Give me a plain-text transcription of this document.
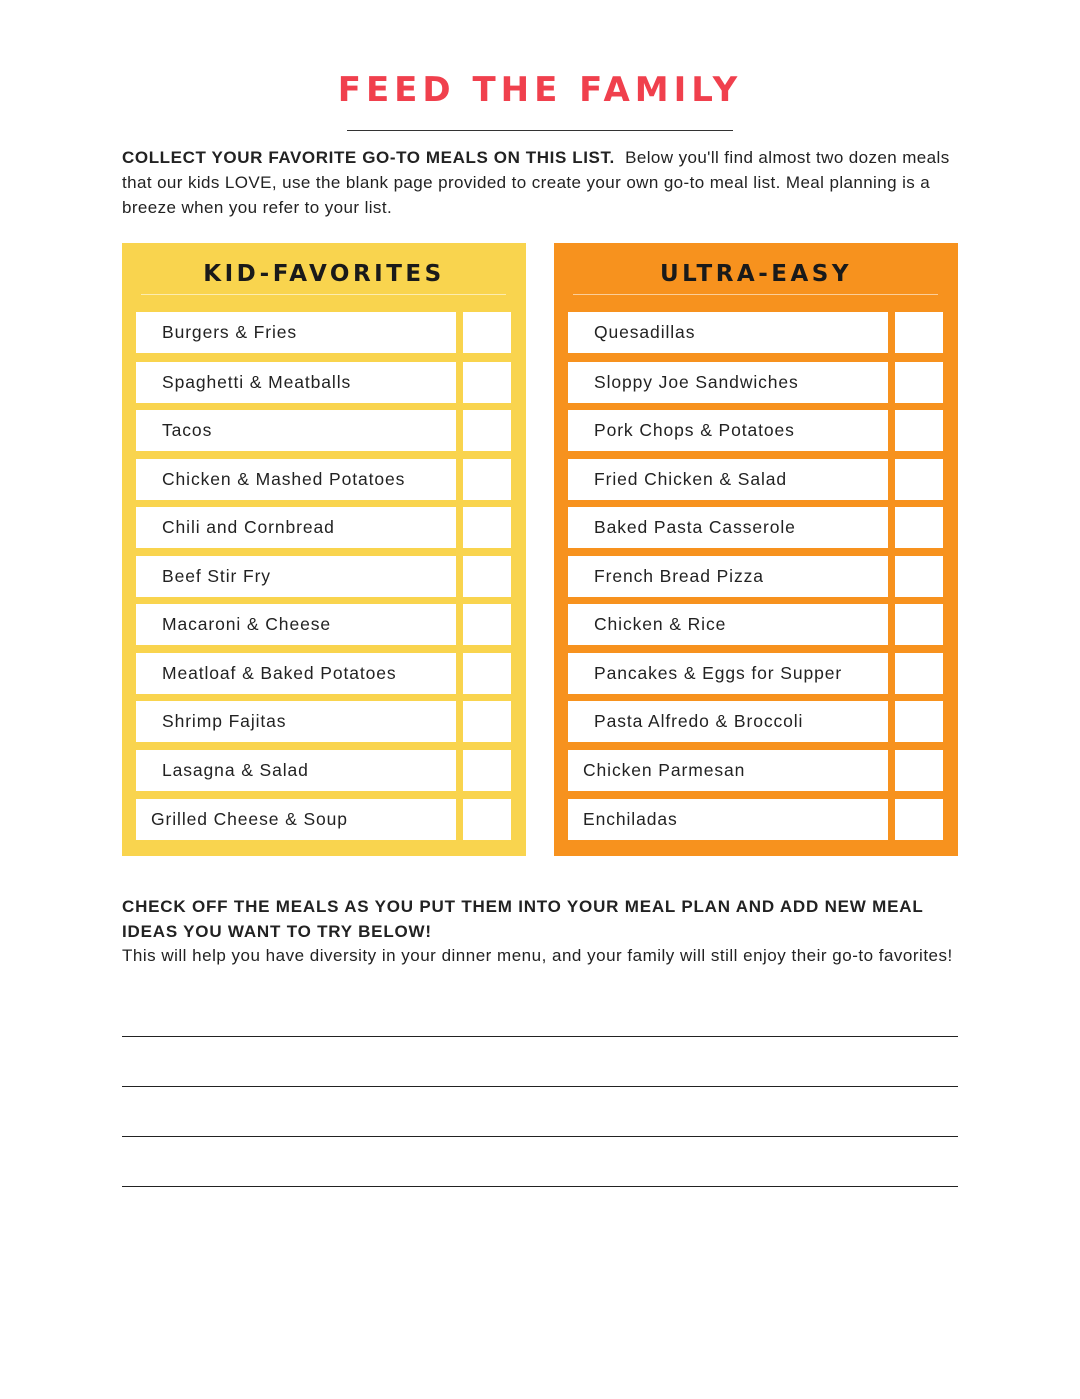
FEED THE FAMILY

COLLECT YOUR FAVORITE GO-TO MEALS ON THIS LIST. Below you'll find almost two dozen meals that our kids LOVE, use the blank page provided to create your own go-to meal list. Meal planning is a breeze when you refer to your list.

KID-FAVORITES
Burgers & Fries
Spaghetti & Meatballs
Tacos
Chicken & Mashed Potatoes
Chili and Cornbread
Beef Stir Fry
Macaroni & Cheese
Meatloaf & Baked Potatoes
Shrimp Fajitas
Lasagna & Salad
Grilled Cheese & Soup
ULTRA-EASY
Quesadillas
Sloppy Joe Sandwiches
Pork Chops & Potatoes
Fried Chicken & Salad
Baked Pasta Casserole
French Bread Pizza
Chicken & Rice
Pancakes & Eggs for Supper
Pasta Alfredo & Broccoli
Chicken Parmesan
Enchiladas

CHECK OFF THE MEALS AS YOU PUT THEM INTO YOUR MEAL PLAN AND ADD NEW MEAL IDEAS YOU WANT TO TRY BELOW!
This will help you have diversity in your dinner menu, and your family will still enjoy their go-to favorites!
